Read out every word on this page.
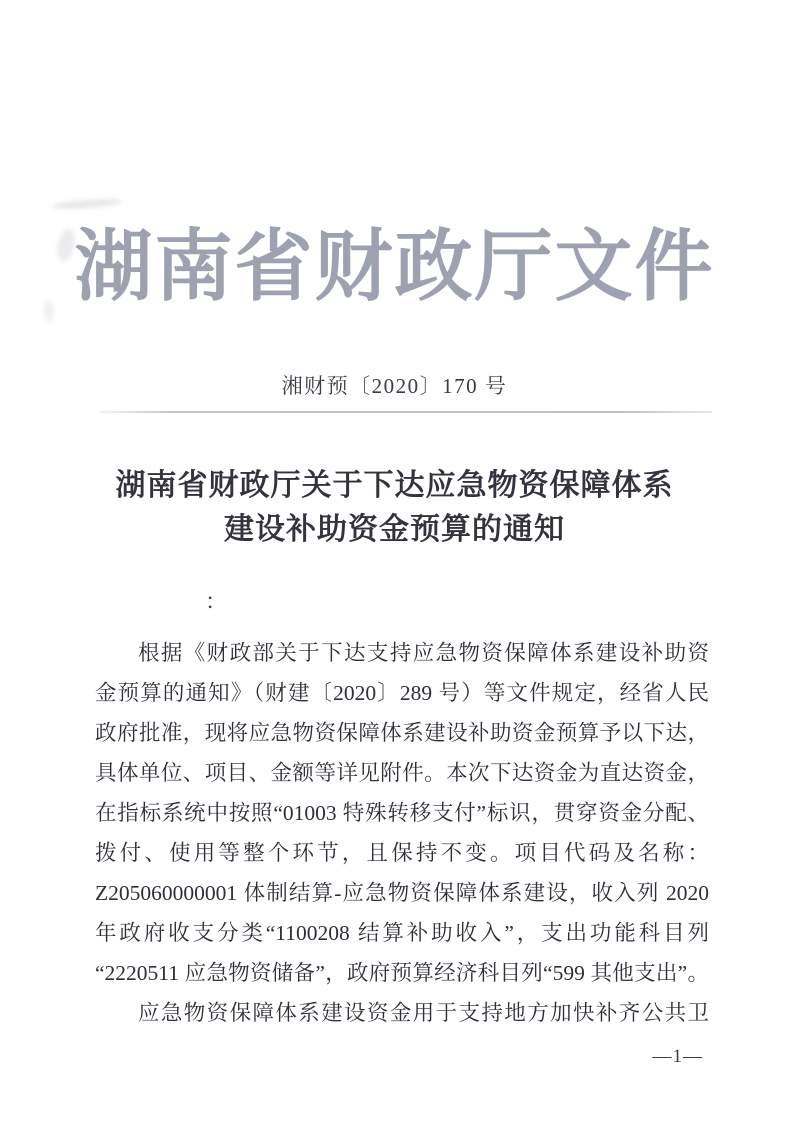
湖南省财政厅文件
湘财预〔2020〕170 号
湖南省财政厅关于下达应急物资保障体系
建设补助资金预算的通知
：
根据《财政部关于下达支持应急物资保障体系建设补助资
金预算的通知》（财建〔2020〕289 号）等文件规定，经省人民
政府批准，现将应急物资保障体系建设补助资金预算予以下达，
具体单位、项目、金额等详见附件。本次下达资金为直达资金，
在指标系统中按照“01003 特殊转移支付”标识，贯穿资金分配、
拨付、使用等整个环节，且保持不变。项目代码及名称：
Z205060000001 体制结算-应急物资保障体系建设，收入列 2020
年政府收支分类“1100208 结算补助收入”，支出功能科目列
“2220511 应急物资储备”，政府预算经济科目列“599 其他支出”。
应急物资保障体系建设资金用于支持地方加快补齐公共卫
—1—
